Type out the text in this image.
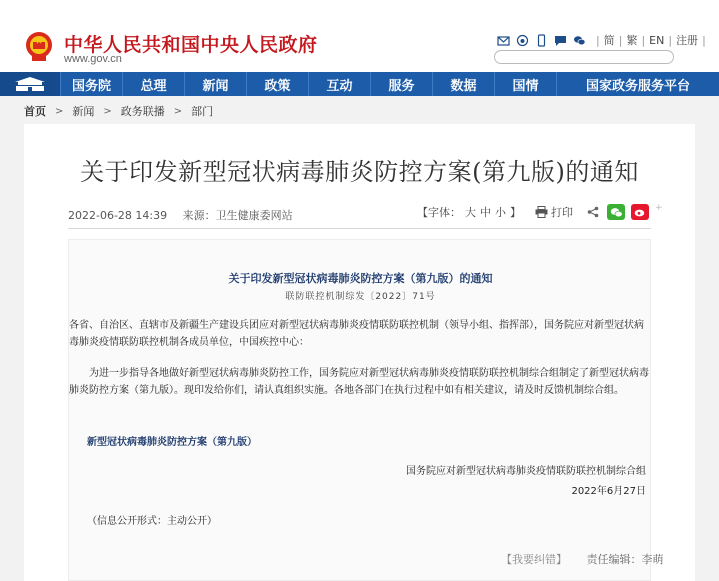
中华人民共和国中央人民政府
www.gov.cn
| 简 | 繁 | EN | 注册 |
国务院	总理	新闻	政策	互动	服务	数据	国情	国家政务服务平台
首页 > 新闻 > 政务联播 > 部门
关于印发新型冠状病毒肺炎防控方案(第九版)的通知
2022-06-28 14:39 来源：卫生健康委网站	【字体： 大 中 小 】	打印	+
关于印发新型冠状病毒肺炎防控方案（第九版）的通知
联防联控机制综发〔2022〕71号
各省、自治区、直辖市及新疆生产建设兵团应对新型冠状病毒肺炎疫情联防联控机制（领导小组、指挥部），国务院应对新型冠状病毒肺炎疫情联防联控机制各成员单位，中国疾控中心：
为进一步指导各地做好新型冠状病毒肺炎防控工作，国务院应对新型冠状病毒肺炎疫情联防联控机制综合组制定了新型冠状病毒肺炎防控方案（第九版）。现印发给你们，请认真组织实施。各地各部门在执行过程中如有相关建议，请及时反馈机制综合组。
新型冠状病毒肺炎防控方案（第九版）
国务院应对新型冠状病毒肺炎疫情联防联控机制综合组
2022年6月27日
（信息公开形式：主动公开）
【我要纠错】 责任编辑：李萌
